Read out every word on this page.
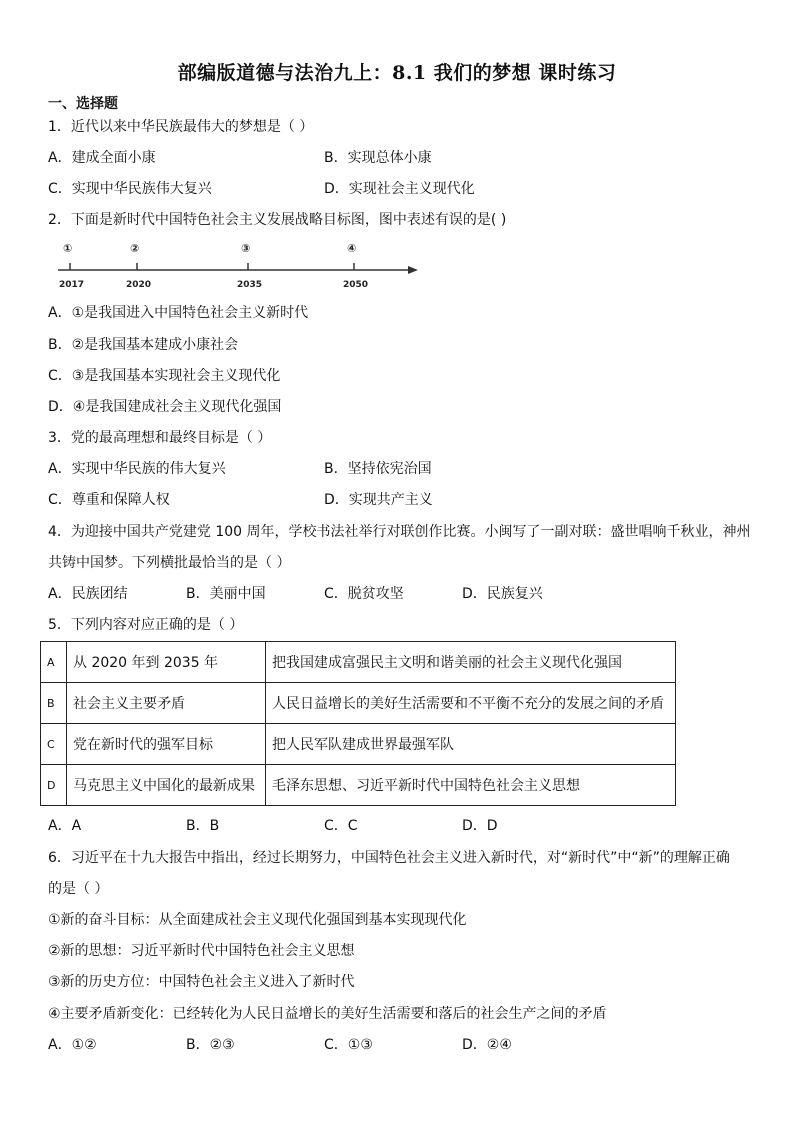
部编版道德与法治九上：8.1 我们的梦想 课时练习
一、选择题
1．近代以来中华民族最伟大的梦想是（ ）
A．建成全面小康	B．实现总体小康
C．实现中华民族伟大复兴	D．实现社会主义现代化
2．下面是新时代中国特色社会主义发展战略目标图，图中表述有误的是( )
①	②	③	④
2017	2020	2035	2050
A．①是我国进入中国特色社会主义新时代
B．②是我国基本建成小康社会
C．③是我国基本实现社会主义现代化
D．④是我国建成社会主义现代化强国
3．党的最高理想和最终目标是（ ）
A．实现中华民族的伟大复兴	B．坚持依宪治国
C．尊重和保障人权	D．实现共产主义
4．为迎接中国共产党建党 100 周年，学校书法社举行对联创作比赛。小闽写了一副对联：盛世唱响千秋业，神州
共铸中国梦。下列横批最恰当的是（ ）
A．民族团结	B．美丽中国	C．脱贫攻坚	D．民族复兴
5．下列内容对应正确的是（ ）
A	从 2020 年到 2035 年	把我国建成富强民主文明和谐美丽的社会主义现代化强国
B	社会主义主要矛盾	人民日益增长的美好生活需要和不平衡不充分的发展之间的矛盾
C	党在新时代的强军目标	把人民军队建成世界最强军队
D	马克思主义中国化的最新成果	毛泽东思想、习近平新时代中国特色社会主义思想
A．A	B．B	C．C	D．D
6．习近平在十九大报告中指出，经过长期努力，中国特色社会主义进入新时代，对“新时代”中“新”的理解正确
的是（ ）
①新的奋斗目标：从全面建成社会主义现代化强国到基本实现现代化
②新的思想：习近平新时代中国特色社会主义思想
③新的历史方位：中国特色社会主义进入了新时代
④主要矛盾新变化：已经转化为人民日益增长的美好生活需要和落后的社会生产之间的矛盾
A．①②	B．②③	C．①③	D．②④
